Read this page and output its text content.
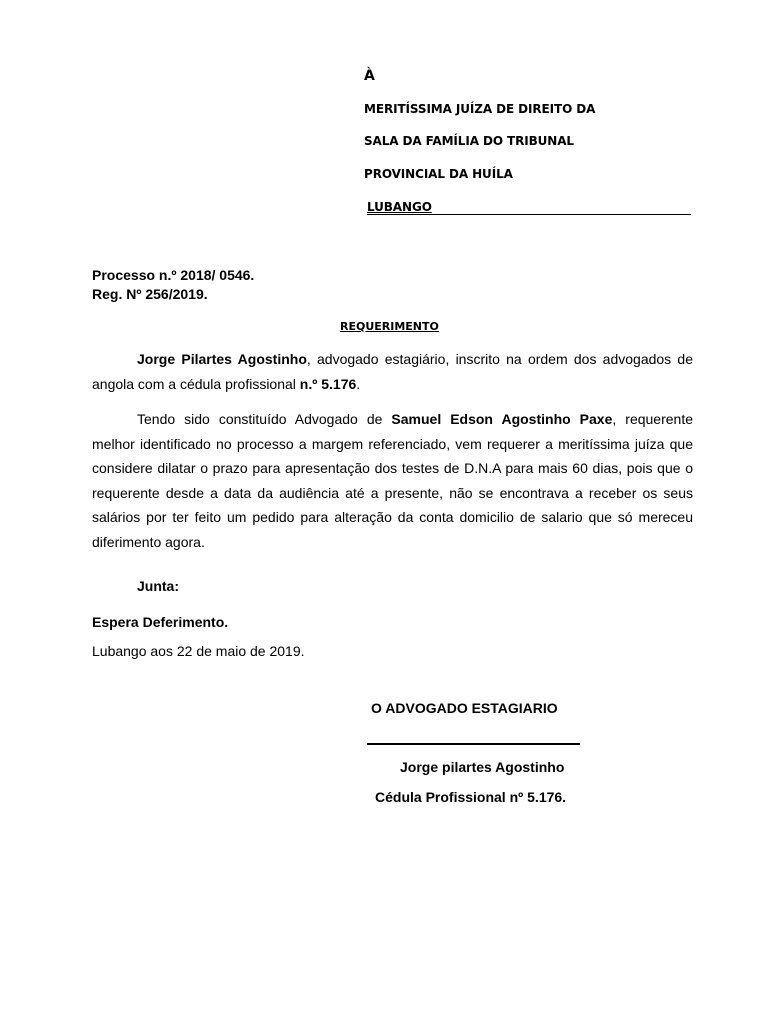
À
MERITÍSSIMA JUÍZA DE DIREITO DA
SALA DA FAMÍLIA DO TRIBUNAL
PROVINCIAL DA HUÍLA
LUBANGO
Processo n.º 2018/ 0546.
Reg. Nº 256/2019.
REQUERIMENTO

Jorge Pilartes Agostinho, advogado estagiário, inscrito na ordem dos advogados de angola com a cédula profissional n.º 5.176.

Tendo sido constituído Advogado de Samuel Edson Agostinho Paxe, requerente melhor identificado no processo a margem referenciado, vem requerer a meritíssima juíza que considere dilatar o prazo para apresentação dos testes de D.N.A para mais 60 dias, pois que o requerente desde a data da audiência até a presente, não se encontrava a receber os seus salários por ter feito um pedido para alteração da conta domicilio de salario que só mereceu diferimento agora.

Junta:
Espera Deferimento.
Lubango aos 22 de maio de 2019.
O ADVOGADO ESTAGIARIO
Jorge pilartes Agostinho
Cédula Profissional nº 5.176.
